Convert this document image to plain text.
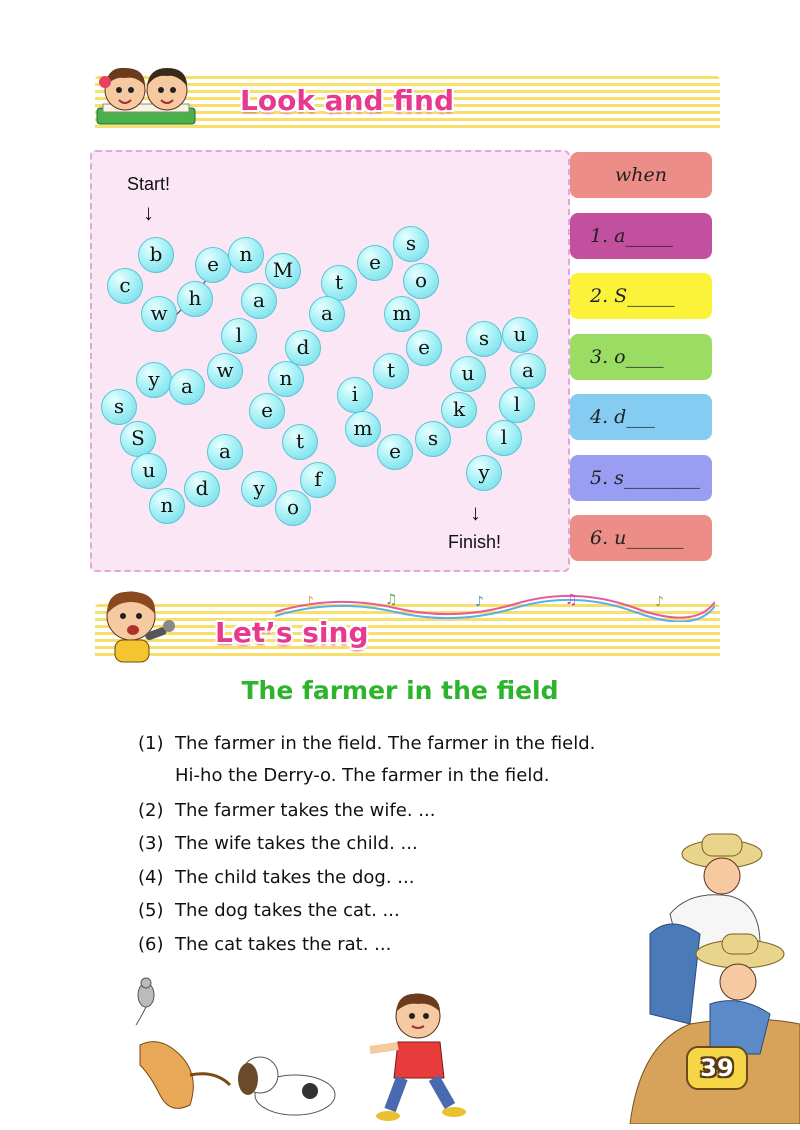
Look and find
Start!
↓
b	e	n
M
c
h	a
w
l
t
e
s
o
a	m
d	e	s	u
y	a
w	n	t	u	a
s	i
e	k	l
S	m
a	t	s	l
e
u	f	y
d	y
n	o	↓
Finish!
when
1. a_____
2. S_____
3. o____
4. d___
5. s________
6. u______
♪	♫	♪	♫	♪
Let’s sing
The farmer in the field
(1) The farmer in the field. The farmer in the field.
Hi-ho the Derry-o. The farmer in the field.
(2) The farmer takes the wife. ...
(3) The wife takes the child. ...
(4) The child takes the dog. ...
(5) The dog takes the cat. ...
(6) The cat takes the rat. ...
39
